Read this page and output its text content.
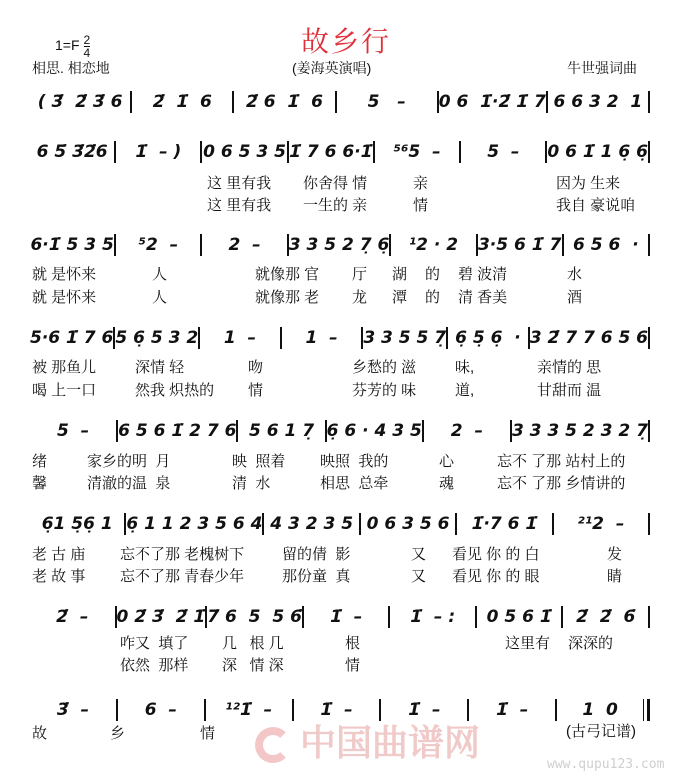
$1=F \frac{2}{4}$	故乡行
相思. 相恋地	(姜海英演唱)	牛世强词曲
( 3̇  2̇ 3̇ 6	2̇  1̇  6	2̇ 6  1̇  6	5   –	0 6  1̇·2̇ 1̇ 7 6 6 3 2  1
6 5̇ 3̇2̇6	1̇  – )	0 6 5 3 5 1̇ 7 6 6·1̇	⁵⁶5  –	5  –	0 6 1̇ 1 6̣ 6̣
6·1̇ 5 3 5	⁵2  –	2  –	3 3 5 2 7̣ 6̣	¹2 · 2	3·5 6 1̇ 7 6 5 6  ·
5·6 1̇ 7 6 5 6̣ 5 3 2	1  –	1  –	3 3 5 5 7̣ 6̣ 5̣ 6̣  · 3 2̇ 7 7 6 5 6
5  –	6 5 6 1̇ 2 7 6 5 6 1 7̣ 6̣ 6 · 4 3 5	2  –	3 3 3 5 2 3 2 7̣
6̣1 5̣6̣ 1 6̣ 1 1 2 3 5 6 4 4 3 2 3 5 0 6 3 5 6	1̇·7 6 1̇	²¹2  –
2̇  –	0 2̇ 3̇  2̇ 1̇ 7̇ 6  5  5 6̇	1̇  –	1̇  – :	0 5 6 1̇	2̇  2̇  6̇
3̇  –	6  –	¹²1̇  –	1̇  –	1̇  –	1̇  –	1  0
中国曲谱网
www.qupu123.com
(古弓记谱)
这 里有我 你舍得 情	亲	因为 生来
这 里有我 一生的 亲	情	我自 豪说咱
就 是怀来	人	就像那 官 厅 湖 的 碧 波清	水
就 是怀来	人	就像那 老 龙 潭 的 清 香美	酒
被 那鱼儿	深情 轻	吻	乡愁的 滋	味,	亲情的 思
喝 上一口	然我 炽热的 情	芬芳的 味	道,	甘甜而 温
绪	家乡的明  月	映  照着 映照  我的	心	忘不 了那 站村上的
馨	清澈的温  泉	清  水	相思  总牵	魂	忘不 了那 乡情讲的
老 古 庙 忘不了那 老槐树下	留的倩  影	又 看见 你 的 白	发
老 故 事 忘不了那 青春少年	那份童  真	又 看见 你 的 眼	睛
咋又  填了 几   根 几	根	这里有 深深的
依然  那样 深   情 深	情
故	乡	情
